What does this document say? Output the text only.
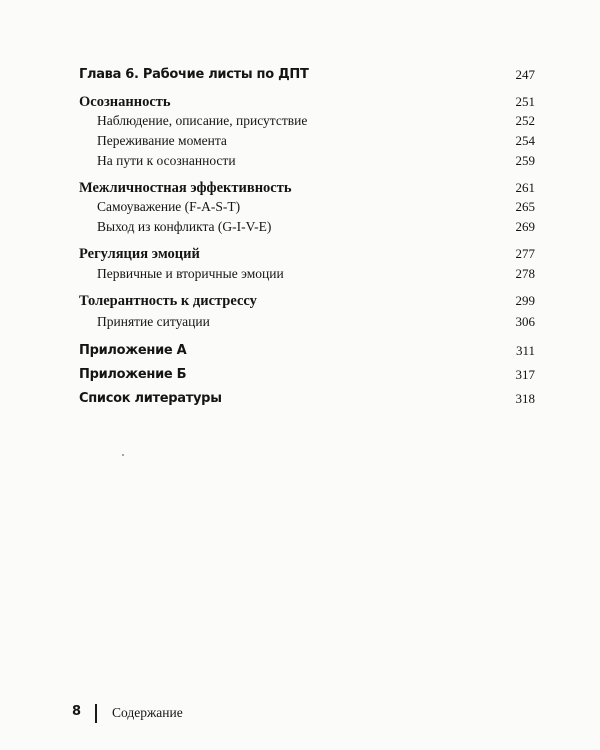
Глава 6. Рабочие листы по ДПТ	247
Осознанность	251
Наблюдение, описание, присутствие	252
Переживание момента	254
На пути к осознанности	259
Межличностная эффективность	261
Самоуважение (F-A-S-T)	265
Выход из конфликта (G-I-V-E)	269
Регуляция эмоций	277
Первичные и вторичные эмоции	278
Толерантность к дистрессу	299
Принятие ситуации	306
Приложение А	311
Приложение Б	317
Список литературы	318
8 Содержание
